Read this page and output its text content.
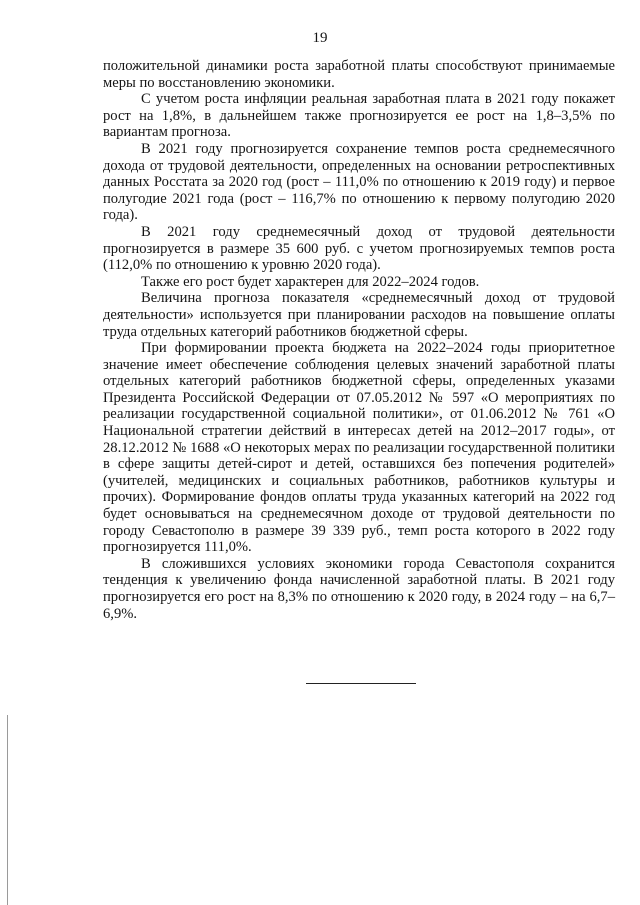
19

положительной динамики роста заработной платы способствуют принимаемые меры по восстановлению экономики.

С учетом роста инфляции реальная заработная плата в 2021 году покажет рост на 1,8%, в дальнейшем также прогнозируется ее рост на 1,8–3,5% по вариантам прогноза.

В 2021 году прогнозируется сохранение темпов роста среднемесячного дохода от трудовой деятельности, определенных на основании ретроспективных данных Росстата за 2020 год (рост – 111,0% по отношению к 2019 году) и первое полугодие 2021 года (рост – 116,7% по отношению к первому полугодию 2020 года).

В 2021 году среднемесячный доход от трудовой деятельности прогнозируется в размере 35 600 руб. с учетом прогнозируемых темпов роста (112,0% по отношению к уровню 2020 года).

Также его рост будет характерен для 2022–2024 годов.

Величина прогноза показателя «среднемесячный доход от трудовой деятельности» используется при планировании расходов на повышение оплаты труда отдельных категорий работников бюджетной сферы.

При формировании проекта бюджета на 2022–2024 годы приоритетное значение имеет обеспечение соблюдения целевых значений заработной платы отдельных категорий работников бюджетной сферы, определенных указами Президента Российской Федерации от 07.05.2012 № 597 «О мероприятиях по реализации государственной социальной политики», от 01.06.2012 № 761 «О Национальной стратегии действий в интересах детей на 2012–2017 годы», от 28.12.2012 № 1688 «О некоторых мерах по реализации государственной политики в сфере защиты детей-сирот и детей, оставшихся без попечения родителей» (учителей, медицинских и социальных работников, работников культуры и прочих). Формирование фондов оплаты труда указанных категорий на 2022 год будет основываться на среднемесячном доходе от трудовой деятельности по городу Севастополю в размере 39 339 руб., темп роста которого в 2022 году прогнозируется 111,0%.

В сложившихся условиях экономики города Севастополя сохранится тенденция к увеличению фонда начисленной заработной платы. В 2021 году прогнозируется его рост на 8,3% по отношению к 2020 году, в 2024 году – на 6,7–6,9%.
